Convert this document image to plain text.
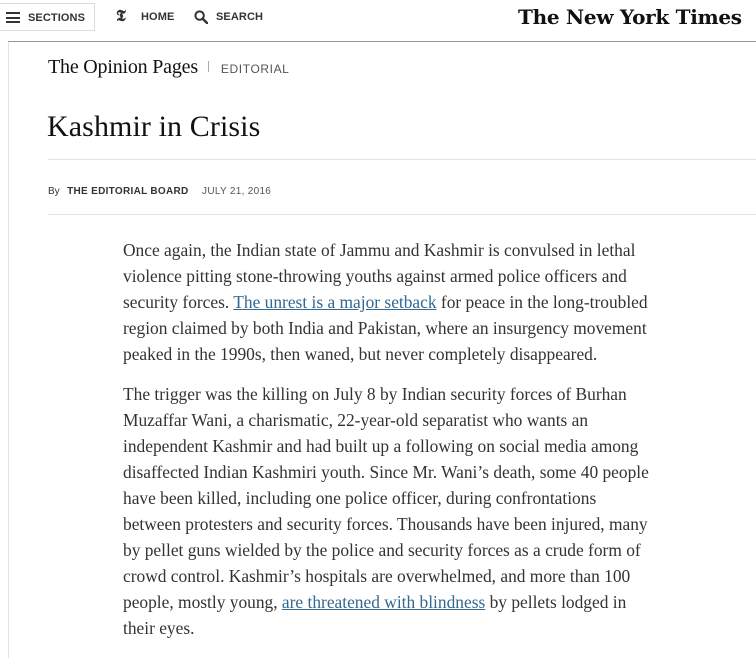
SECTIONS 𝕿	HOME	SEARCH	The New York Times
The Opinion Pages EDITORIAL
Kashmir in Crisis
By THE EDITORIAL BOARD JULY 21, 2016

Once again, the Indian state of Jammu and Kashmir is convulsed in lethal
violence pitting stone-throwing youths against armed police officers and
security forces. The unrest is a major setback for peace in the long-troubled
region claimed by both India and Pakistan, where an insurgency movement
peaked in the 1990s, then waned, but never completely disappeared.

The trigger was the killing on July 8 by Indian security forces of Burhan
Muzaffar Wani, a charismatic, 22-year-old separatist who wants an
independent Kashmir and had built up a following on social media among
disaffected Indian Kashmiri youth. Since Mr. Wani’s death, some 40 people
have been killed, including one police officer, during confrontations
between protesters and security forces. Thousands have been injured, many
by pellet guns wielded by the police and security forces as a crude form of
crowd control. Kashmir’s hospitals are overwhelmed, and more than 100
people, mostly young, are threatened with blindness by pellets lodged in
their eyes.
